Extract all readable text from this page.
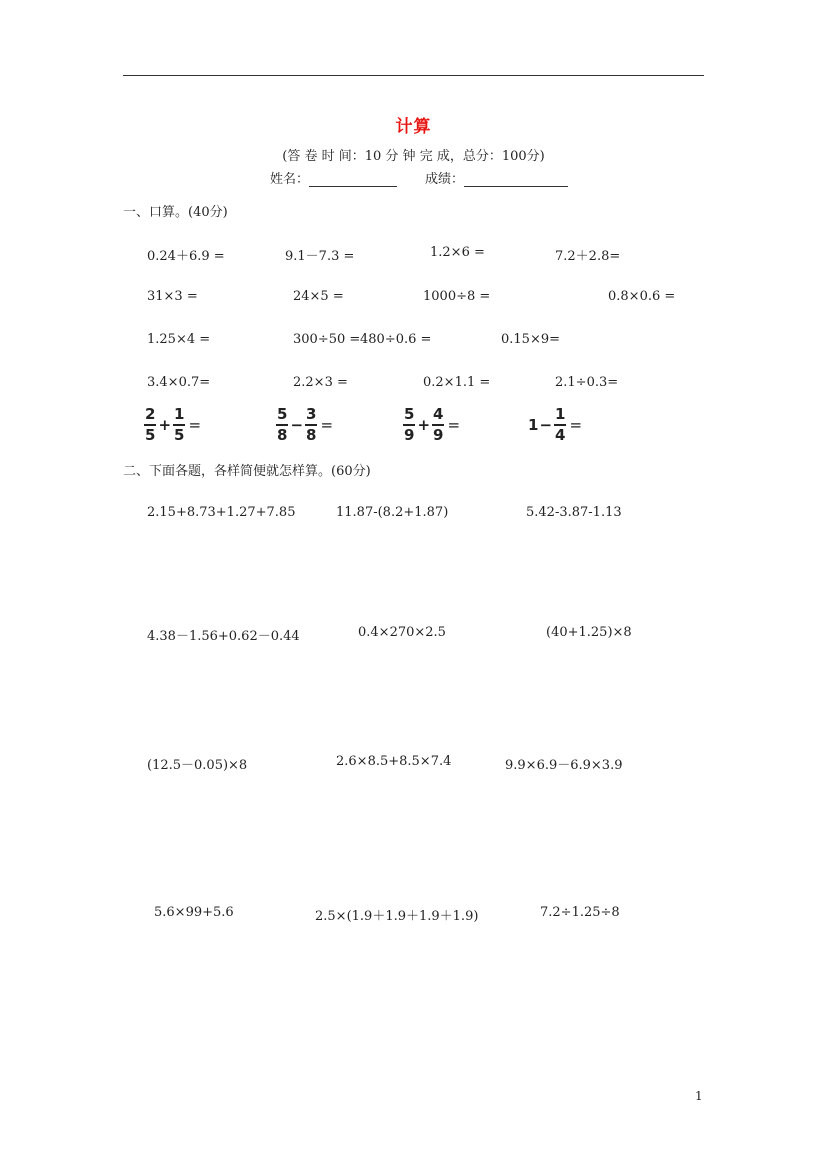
计算
(答 卷 时 间：10 分 钟 完 成，总分：100分)
姓名：	成绩：
一、口算。(40分)
0.24＋6.9 =	9.1－7.3 =	1.2×6 =	7.2＋2.8=
31×3 =	24×5 =	1000÷8 =	0.8×0.6 =
1.25×4 =	300÷50 = 480÷0.6 =	0.15×9=
3.4×0.7=	2.2×3 =	0.2×1.1 =	2.1÷0.3=
$\frac{2}{5} + \frac{1}{5}$ =	$\frac{5}{8} - \frac{3}{8}$ =	$\frac{5}{9} + \frac{4}{9}$ =	$1 - \frac{1}{4}$ =
二、下面各题，各样简便就怎样算。(60分)
2.15+8.73+1.27+7.85	11.87-(8.2+1.87)	5.42-3.87-1.13
4.38－1.56+0.62－0.44	0.4×270×2.5	(40+1.25)×8
(12.5－0.05)×8	2.6×8.5+8.5×7.4	9.9×6.9－6.9×3.9
5.6×99+5.6	2.5×(1.9＋1.9＋1.9＋1.9)	7.2÷1.25÷8
1
